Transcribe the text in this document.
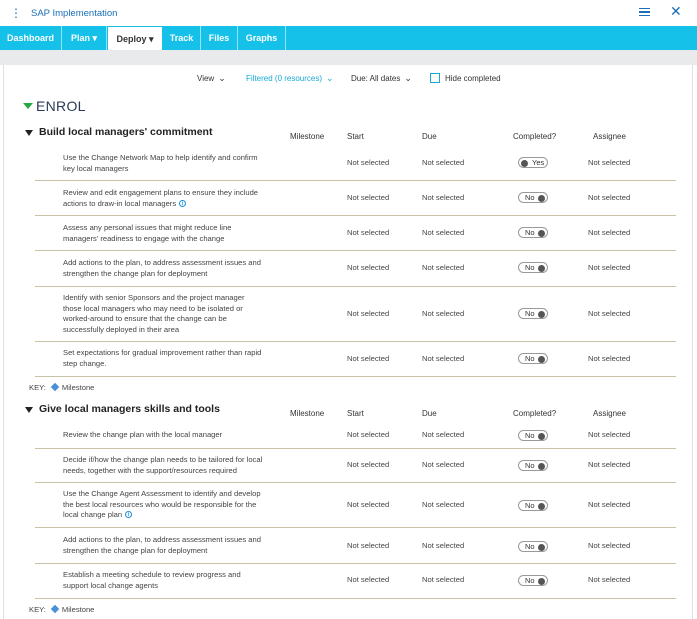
⋮ SAP Implementation	✕
Dashboard	Plan ▾	Deploy ▾	Track	Files	Graphs
View ⌄	Filtered (0 resources) ⌄ Due: All dates ⌄	Hide completed
ENROL
Build local managers' commitment	Milestone	Start	Due	Completed?	Assignee
Use the Change Network Map to help identify and confirm
key local managers
Not selected	Not selected	Yes	Not selected
Review and edit engagement plans to ensure they include
actions to draw-in local managers i
Not selected	Not selected	No	Not selected
Assess any personal issues that might reduce line
managers' readiness to engage with the change
Not selected	Not selected	No	Not selected
Add actions to the plan, to address assessment issues and
strengthen the change plan for deployment
Not selected	Not selected	No	Not selected
Identify with senior Sponsors and the project manager
those local managers who may need to be isolated or
worked-around to ensure that the change can be
successfully deployed in their area
Not selected	Not selected	No	Not selected
Set expectations for gradual improvement rather than rapid
step change.	Not selected	Not selected	No	Not selected
KEY: Milestone
Give local managers skills and tools	Milestone	Start	Due	Completed?	Assignee
Review the change plan with the local manager	Not selected	Not selected	No	Not selected
Decide if/how the change plan needs to be tailored for local
needs, together with the support/resources required
Not selected	Not selected	No	Not selected
Use the Change Agent Assessment to identify and develop
the best local resources who would be responsible for the
local change plan i
Not selected	Not selected	No	Not selected
Add actions to the plan, to address assessment issues and
strengthen the change plan for deployment	Not selected	Not selected	No	Not selected
Establish a meeting schedule to review progress and
support local change agents
Not selected	Not selected	No	Not selected
KEY: Milestone
